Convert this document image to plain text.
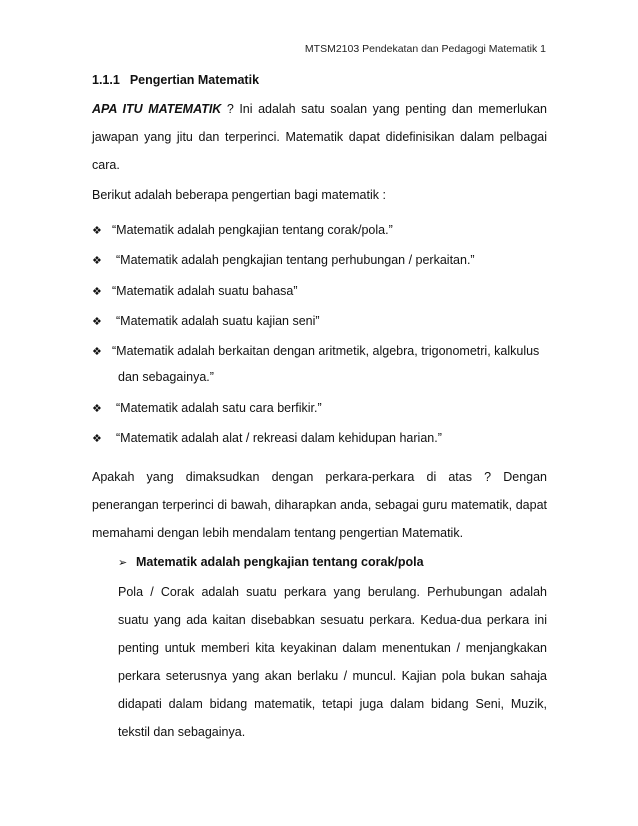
MTSM2103 Pendekatan dan Pedagogi Matematik 1
1.1.1 Pengertian Matematik

APA ITU MATEMATIK ? Ini adalah satu soalan yang penting dan memerlukan jawapan yang jitu dan terperinci. Matematik dapat didefinisikan dalam pelbagai cara.

Berikut adalah beberapa pengertian bagi matematik :

❖ “Matematik adalah pengkajian tentang corak/pola.”
❖ “Matematik adalah pengkajian tentang perhubungan / perkaitan.”
❖ “Matematik adalah suatu bahasa”
❖ “Matematik adalah suatu kajian seni”
❖ “Matematik adalah berkaitan dengan aritmetik, algebra, trigonometri, kalkulus
dan sebagainya.”
❖ “Matematik adalah satu cara berfikir.”
❖ “Matematik adalah alat / rekreasi dalam kehidupan harian.”

Apakah yang dimaksudkan dengan perkara-perkara di atas ? Dengan penerangan terperinci di bawah, diharapkan anda, sebagai guru matematik, dapat memahami dengan lebih mendalam tentang pengertian Matematik.

➢ Matematik adalah pengkajian tentang corak/pola

Pola / Corak adalah suatu perkara yang berulang. Perhubungan adalah suatu yang ada kaitan disebabkan sesuatu perkara. Kedua-dua perkara ini penting untuk memberi kita keyakinan dalam menentukan / menjangkakan perkara seterusnya yang akan berlaku / muncul. Kajian pola bukan sahaja didapati dalam bidang matematik, tetapi juga dalam bidang Seni, Muzik, tekstil dan sebagainya.
